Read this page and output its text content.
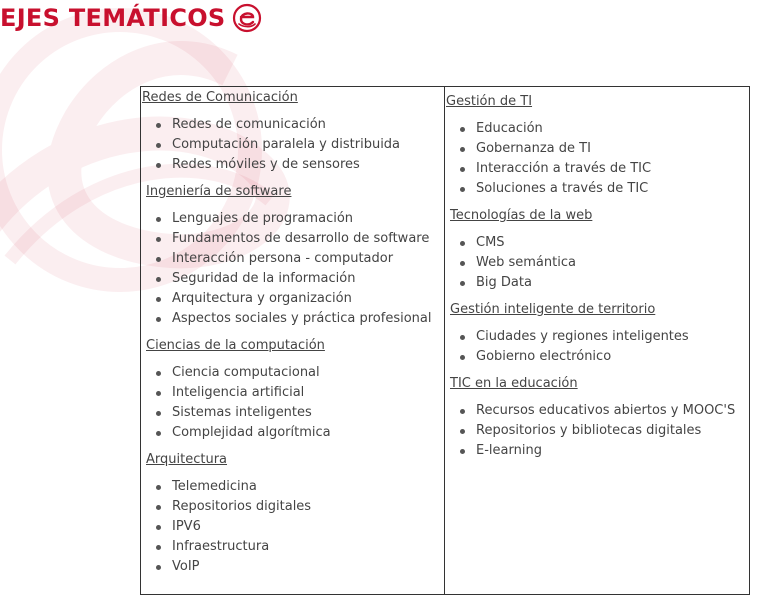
EJES TEMÁTICOS
Redes de Comunicación
Redes de comunicación
Computación paralela y distribuida
Redes móviles y de sensores
Ingeniería de software
Lenguajes de programación
Fundamentos de desarrollo de software
Interacción persona - computador
Seguridad de la información
Arquitectura y organización
Aspectos sociales y práctica profesional
Ciencias de la computación
Ciencia computacional
Inteligencia artificial
Sistemas inteligentes
Complejidad algorítmica
Arquitectura
Telemedicina
Repositorios digitales
IPV6
Infraestructura
VoIP
Gestión de TI
Educación
Gobernanza de TI
Interacción a través de TIC
Soluciones a través de TIC
Tecnologías de la web
CMS
Web semántica
Big Data
Gestión inteligente de territorio
Ciudades y regiones inteligentes
Gobierno electrónico
TIC en la educación
Recursos educativos abiertos y MOOC'S
Repositorios y bibliotecas digitales
E-learning
